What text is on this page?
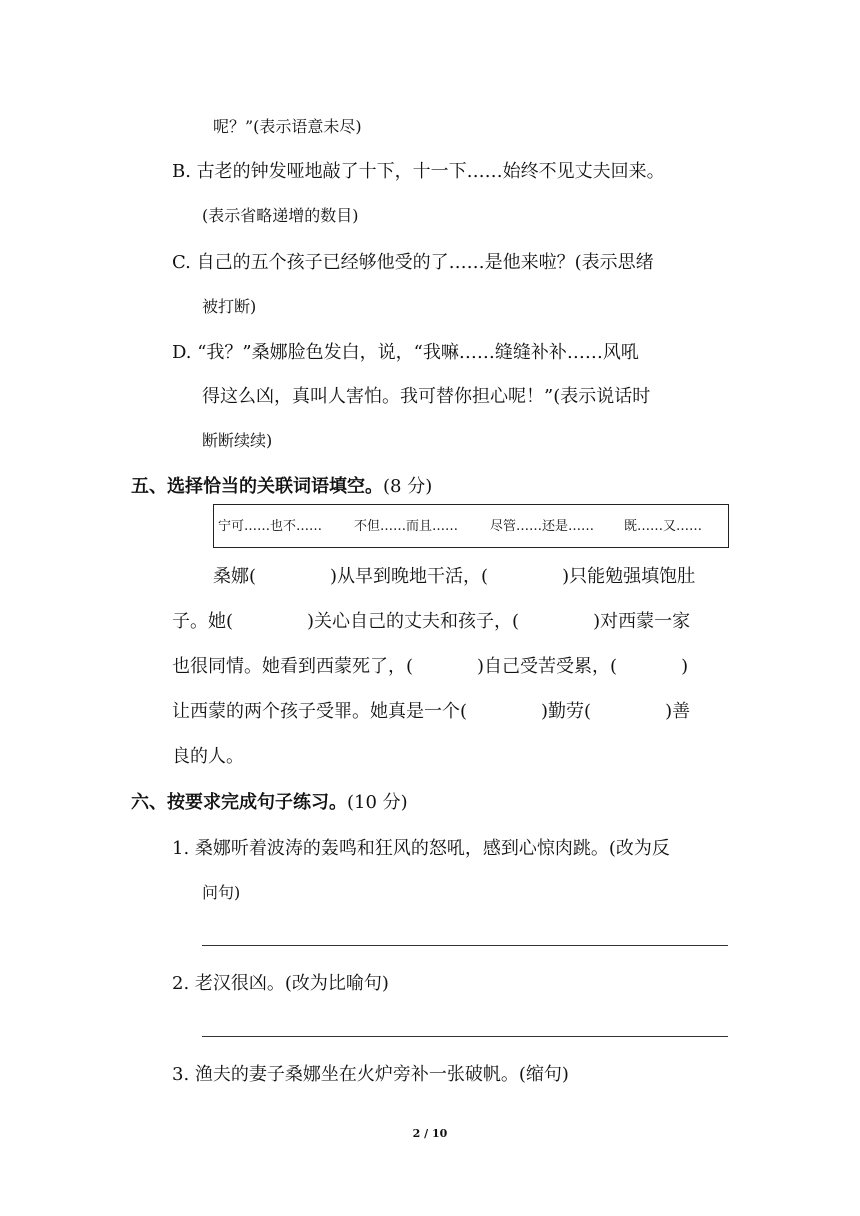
呢？”(表示语意未尽)
B. 古老的钟发哑地敲了十下，十一下……始终不见丈夫回来。
(表示省略递增的数目)
C. 自己的五个孩子已经够他受的了……是他来啦？(表示思绪
被打断)
D. “我？”桑娜脸色发白，说，“我嘛……缝缝补补……风吼
得这么凶，真叫人害怕。我可替你担心呢！”(表示说话时
断断续续)
五、选择恰当的关联词语填空。(8 分)
宁可……也不…… 不但……而且…… 尽管……还是…… 既……又……
桑娜(	)从早到晚地干活，(	)只能勉强填饱肚
子。她(	)关心自己的丈夫和孩子，(	)对西蒙一家
也很同情。她看到西蒙死了，(	)自己受苦受累，(	)
让西蒙的两个孩子受罪。她真是一个(	)勤劳(	)善
良的人。
六、按要求完成句子练习。(10 分)
1. 桑娜听着波涛的轰鸣和狂风的怒吼，感到心惊肉跳。(改为反
问句)
2. 老汉很凶。(改为比喻句)
3. 渔夫的妻子桑娜坐在火炉旁补一张破帆。(缩句)
2 / 10
